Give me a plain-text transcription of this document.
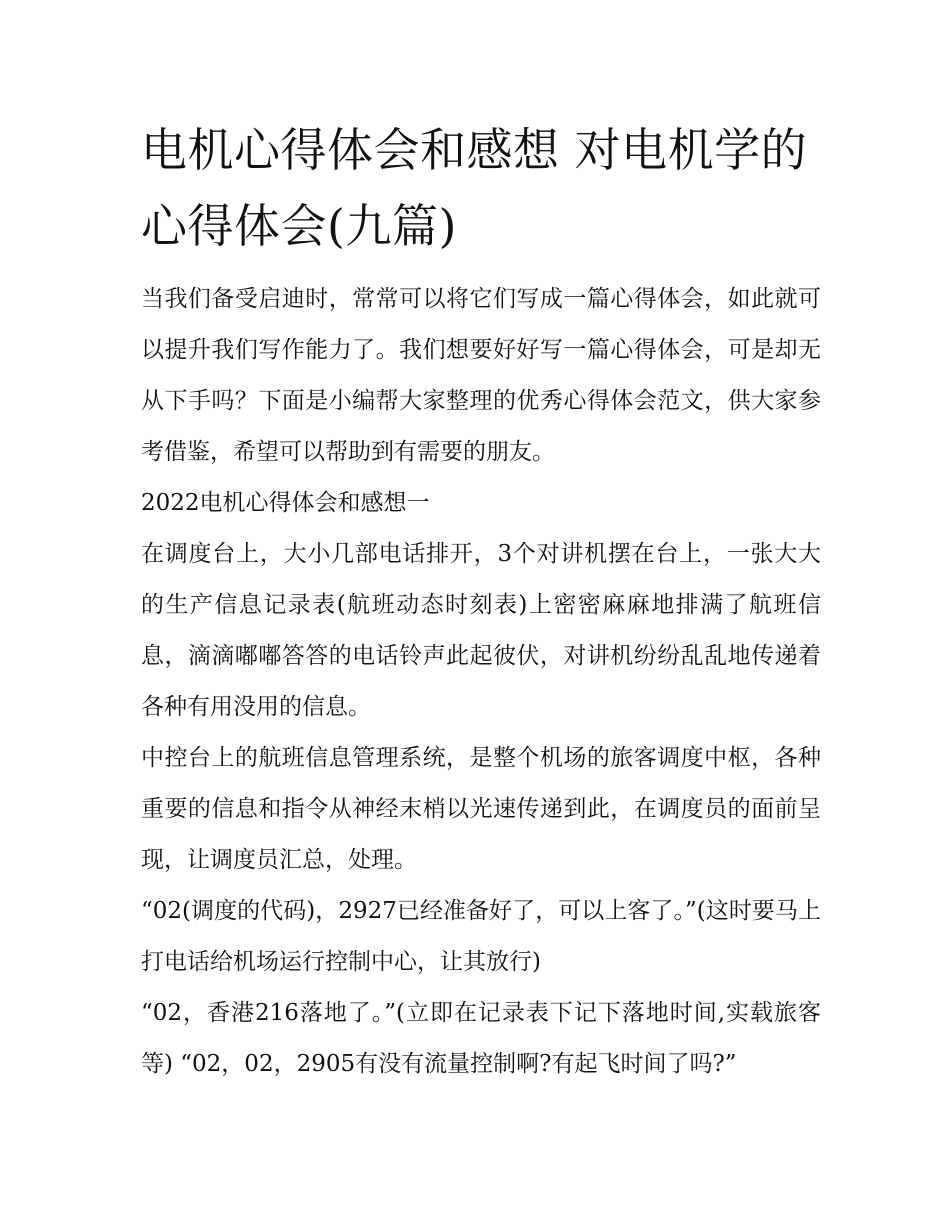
电机心得体会和感想 对电机学的心得体会(九篇)

当我们备受启迪时，常常可以将它们写成一篇心得体会，如此就可以提升我们写作能力了。我们想要好好写一篇心得体会，可是却无从下手吗？下面是小编帮大家整理的优秀心得体会范文，供大家参考借鉴，希望可以帮助到有需要的朋友。

2022电机心得体会和感想一

在调度台上，大小几部电话排开，3个对讲机摆在台上，一张大大的生产信息记录表(航班动态时刻表)上密密麻麻地排满了航班信息，滴滴嘟嘟答答的电话铃声此起彼伏，对讲机纷纷乱乱地传递着各种有用没用的信息。

中控台上的航班信息管理系统，是整个机场的旅客调度中枢，各种重要的信息和指令从神经末梢以光速传递到此，在调度员的面前呈现，让调度员汇总，处理。

“02(调度的代码)，2927已经准备好了，可以上客了。”(这时要马上打电话给机场运行控制中心，让其放行)

“02，香港216落地了。”(立即在记录表下记下落地时间,实载旅客等) “02，02，2905有没有流量控制啊?有起飞时间了吗?”
